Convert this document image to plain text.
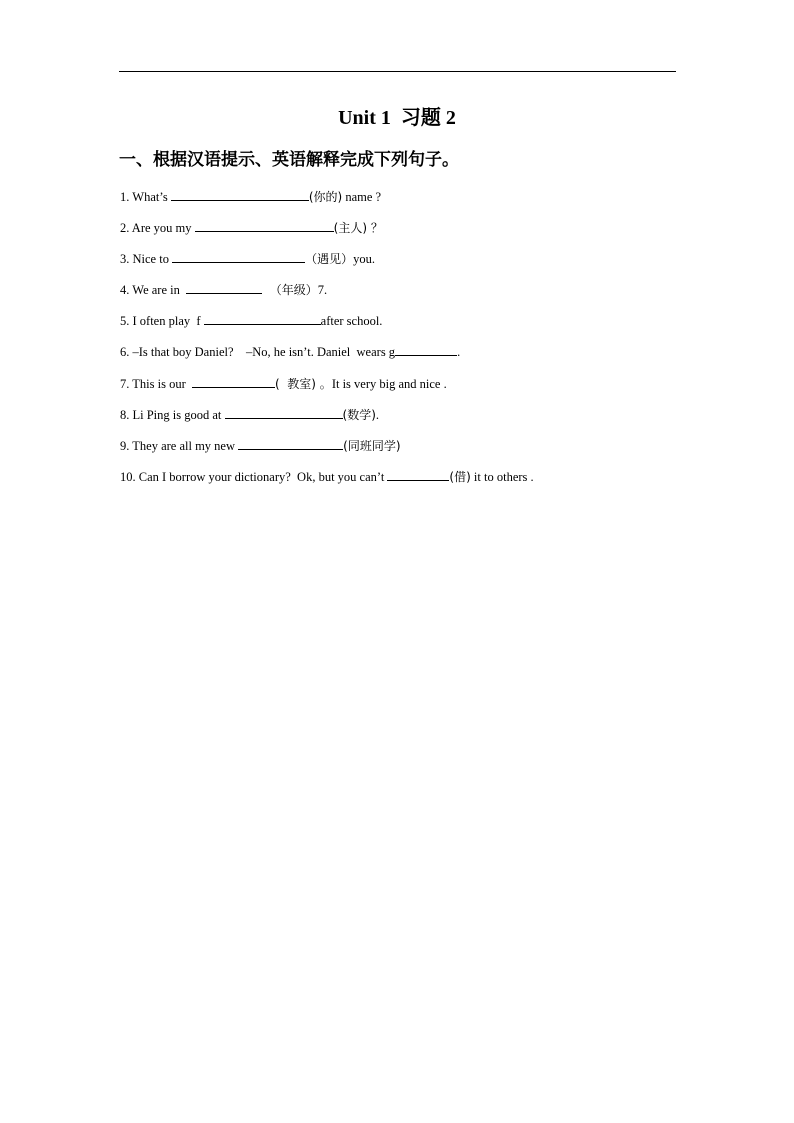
Unit 1  习题 2
一、根据汉语提示、英语解释完成下列句子。
1. What’s	(你的) name ?
2. Are you my	(主人) ？
3. Nice to	（遇见）you.
4. We are in	（年级）7.
5. I often play  f	after school.
6. –Is that boy Daniel?    –No, he isn’t. Daniel  wears g	.
7. This is our	(  教室) 。It is very big and nice .
8. Li Ping is good at	(数学).
9. They are all my new	(同班同学)
10. Can I borrow your dictionary?  Ok, but you can’t	(借) it to others .
